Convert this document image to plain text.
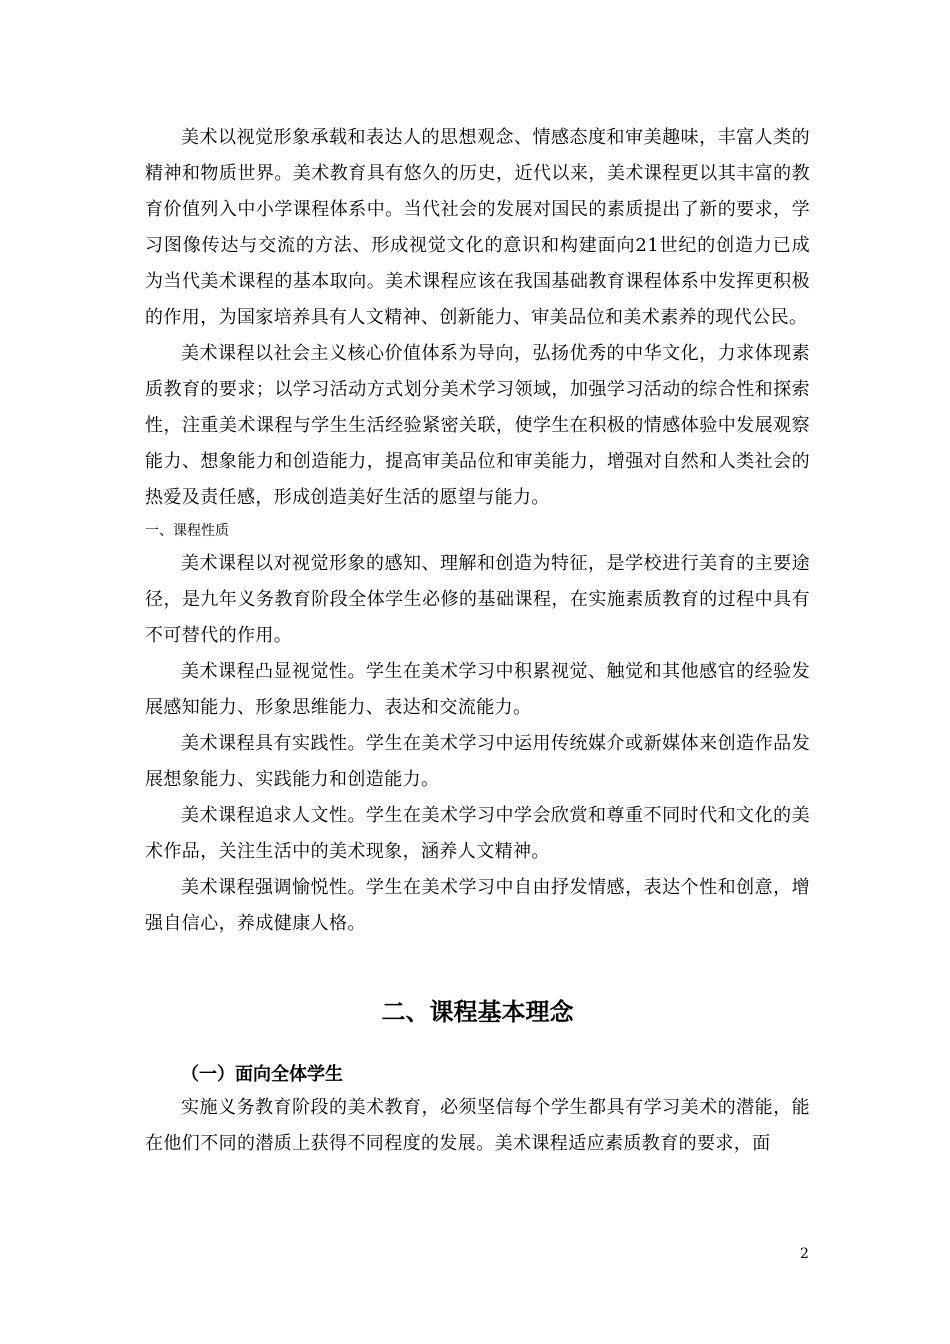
美术以视觉形象承载和表达人的思想观念、情感态度和审美趣味，丰富人类的精神和物质世界。美术教育具有悠久的历史，近代以来，美术课程更以其丰富的教育价值列入中小学课程体系中。当代社会的发展对国民的素质提出了新的要求，学习图像传达与交流的方法、形成视觉文化的意识和构建面向21世纪的创造力已成为当代美术课程的基本取向。美术课程应该在我国基础教育课程体系中发挥更积极的作用，为国家培养具有人文精神、创新能力、审美品位和美术素养的现代公民。

美术课程以社会主义核心价值体系为导向，弘扬优秀的中华文化，力求体现素质教育的要求；以学习活动方式划分美术学习领域，加强学习活动的综合性和探索性，注重美术课程与学生生活经验紧密关联，使学生在积极的情感体验中发展观察能力、想象能力和创造能力，提高审美品位和审美能力，增强对自然和人类社会的热爱及责任感，形成创造美好生活的愿望与能力。

一、课程性质

美术课程以对视觉形象的感知、理解和创造为特征，是学校进行美育的主要途径，是九年义务教育阶段全体学生必修的基础课程，在实施素质教育的过程中具有不可替代的作用。

美术课程凸显视觉性。学生在美术学习中积累视觉、触觉和其他感官的经验发展感知能力、形象思维能力、表达和交流能力。

美术课程具有实践性。学生在美术学习中运用传统媒介或新媒体来创造作品发展想象能力、实践能力和创造能力。

美术课程追求人文性。学生在美术学习中学会欣赏和尊重不同时代和文化的美术作品，关注生活中的美术现象，涵养人文精神。

美术课程强调愉悦性。学生在美术学习中自由抒发情感，表达个性和创意，增强自信心，养成健康人格。

二、课程基本理念

（一）面向全体学生

实施义务教育阶段的美术教育，必须坚信每个学生都具有学习美术的潜能，能在他们不同的潜质上获得不同程度的发展。美术课程适应素质教育的要求，面

2
